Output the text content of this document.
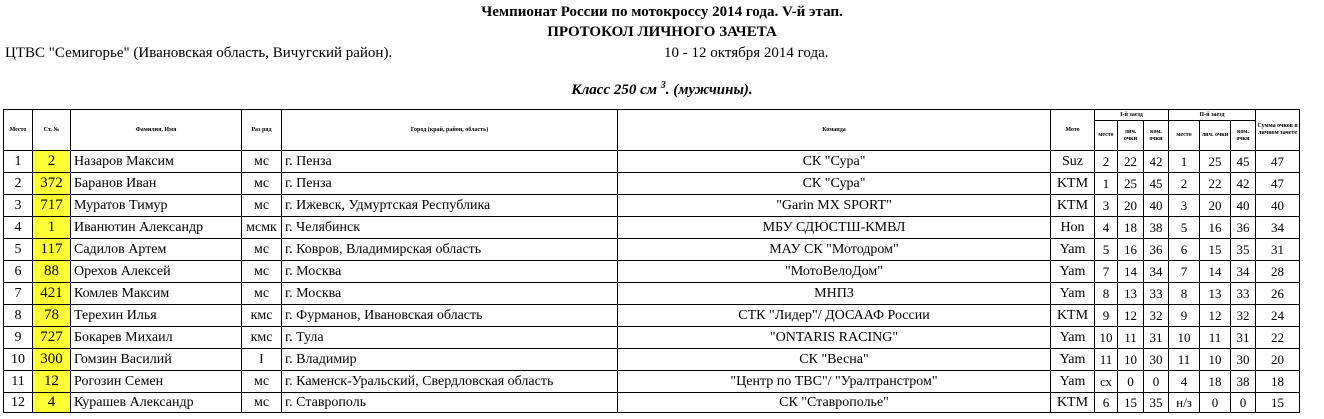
Чемпионат России по мотокроссу 2014 года. V-й этап.
ПРОТОКОЛ ЛИЧНОГО ЗАЧЕТА
ЦТВС "Семигорье" (Ивановская область, Вичугский район).	10 - 12 октября 2014 года.
Класс 250 см $^3$. (мужчины).
Место	Ст. №	Фамилия, Имя	Раз ряд	Город (край, район, область)	Команда	Мото	I-й заезд			II-й заезд			Сумма очков в личном зачете
							место	лич. очки	ком. очки	место	лич. очки	ком. очки	
1	2	Назаров Максим	мс	г. Пенза	СК "Сура"	Suz	2	22	42	1	25	45	47
2	372	Баранов Иван	мс	г. Пенза	СК "Сура"	KTM	1	25	45	2	22	42	47
3	717	Муратов Тимур	мс	г. Ижевск, Удмуртская Республика	"Garin MX SPORT"	KTM	3	20	40	3	20	40	40
4	1	Иванютин Александр	мсмк	г. Челябинск	МБУ СДЮСТШ-КМВЛ	Hon	4	18	38	5	16	36	34
5	117	Садилов Артем	мс	г. Ковров, Владимирская область	МАУ СК "Мотодром"	Yam	5	16	36	6	15	35	31
6	88	Орехов Алексей	мс	г. Москва	"МотоВелоДом"	Yam	7	14	34	7	14	34	28
7	421	Комлев Максим	мс	г. Москва	МНПЗ	Yam	8	13	33	8	13	33	26
8	78	Терехин Илья	кмс	г. Фурманов, Ивановская область	СТК "Лидер"/ ДОСААФ России	KTM	9	12	32	9	12	32	24
9	727	Бокарев Михаил	кмс	г. Тула	"ONTARIS RACING"	Yam	10	11	31	10	11	31	22
10	300	Гомзин Василий	I	г. Владимир	СК "Весна"	Yam	11	10	30	11	10	30	20
11	12	Рогозин Семен	мс	г. Каменск-Уральский, Свердловская область	"Центр по ТВС"/ "Уралтранстром"	Yam	сх	0	0	4	18	38	18
12	4	Курашев Александр	мс	г. Ставрополь	СК "Ставрополье"	KTM	6	15	35	н/з	0	0	15
